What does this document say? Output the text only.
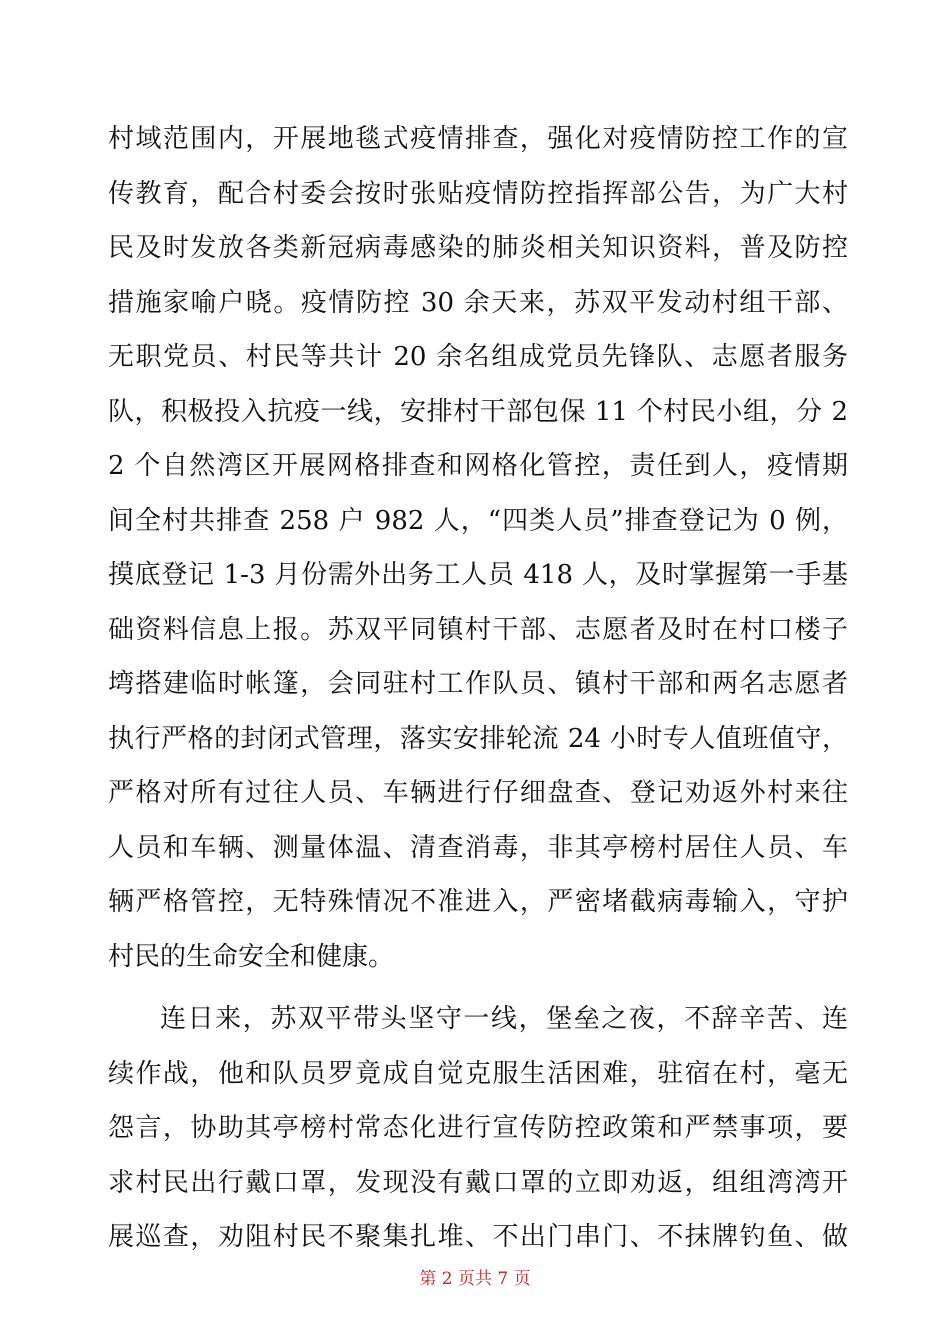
村域范围内，开展地毯式疫情排查，强化对疫情防控工作的宣
传教育，配合村委会按时张贴疫情防控指挥部公告，为广大村
民及时发放各类新冠病毒感染的肺炎相关知识资料，普及防控
措施家喻户晓。疫情防控 30 余天来，苏双平发动村组干部、
无职党员、村民等共计 20 余名组成党员先锋队、志愿者服务
队，积极投入抗疫一线，安排村干部包保 11 个村民小组，分 2
2 个自然湾区开展网格排查和网格化管控，责任到人，疫情期
间全村共排查 258 户 982 人，“四类人员”排查登记为 0 例，
摸底登记 1-3 月份需外出务工人员 418 人，及时掌握第一手基
础资料信息上报。苏双平同镇村干部、志愿者及时在村口楼子
塆搭建临时帐篷，会同驻村工作队员、镇村干部和两名志愿者
执行严格的封闭式管理，落实安排轮流 24 小时专人值班值守，
严格对所有过往人员、车辆进行仔细盘查、登记劝返外村来往
人员和车辆、测量体温、清查消毒，非其亭榜村居住人员、车
辆严格管控，无特殊情况不准进入，严密堵截病毒输入，守护
村民的生命安全和健康。
连日来，苏双平带头坚守一线，堡垒之夜，不辞辛苦、连
续作战，他和队员罗竟成自觉克服生活困难，驻宿在村，毫无
怨言，协助其亭榜村常态化进行宣传防控政策和严禁事项，要
求村民出行戴口罩，发现没有戴口罩的立即劝返，组组湾湾开
展巡查，劝阻村民不聚集扎堆、不出门串门、不抹牌钓鱼、做
第 2 页共 7 页
